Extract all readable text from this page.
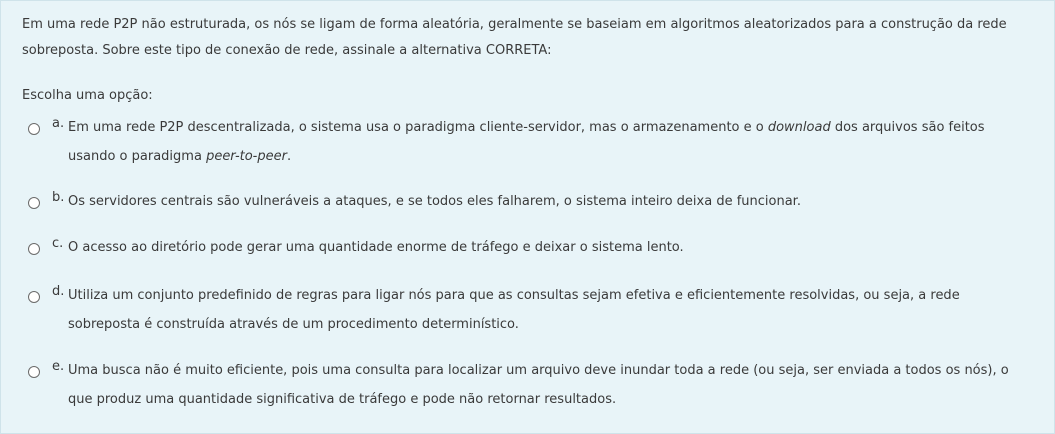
Em uma rede P2P não estruturada, os nós se ligam de forma aleatória, geralmente se baseiam em algoritmos aleatorizados para a construção da rede sobreposta. Sobre este tipo de conexão de rede, assinale a alternativa CORRETA:
Escolha uma opção:
a. Em uma rede P2P descentralizada, o sistema usa o paradigma cliente-servidor, mas o armazenamento e o download dos arquivos são feitos usando o paradigma peer-to-peer.
b. Os servidores centrais são vulneráveis a ataques, e se todos eles falharem, o sistema inteiro deixa de funcionar.
c. O acesso ao diretório pode gerar uma quantidade enorme de tráfego e deixar o sistema lento.
d. Utiliza um conjunto predefinido de regras para ligar nós para que as consultas sejam efetiva e eficientemente resolvidas, ou seja, a rede sobreposta é construída através de um procedimento determinístico.
e. Uma busca não é muito eficiente, pois uma consulta para localizar um arquivo deve inundar toda a rede (ou seja, ser enviada a todos os nós), o que produz uma quantidade significativa de tráfego e pode não retornar resultados.
